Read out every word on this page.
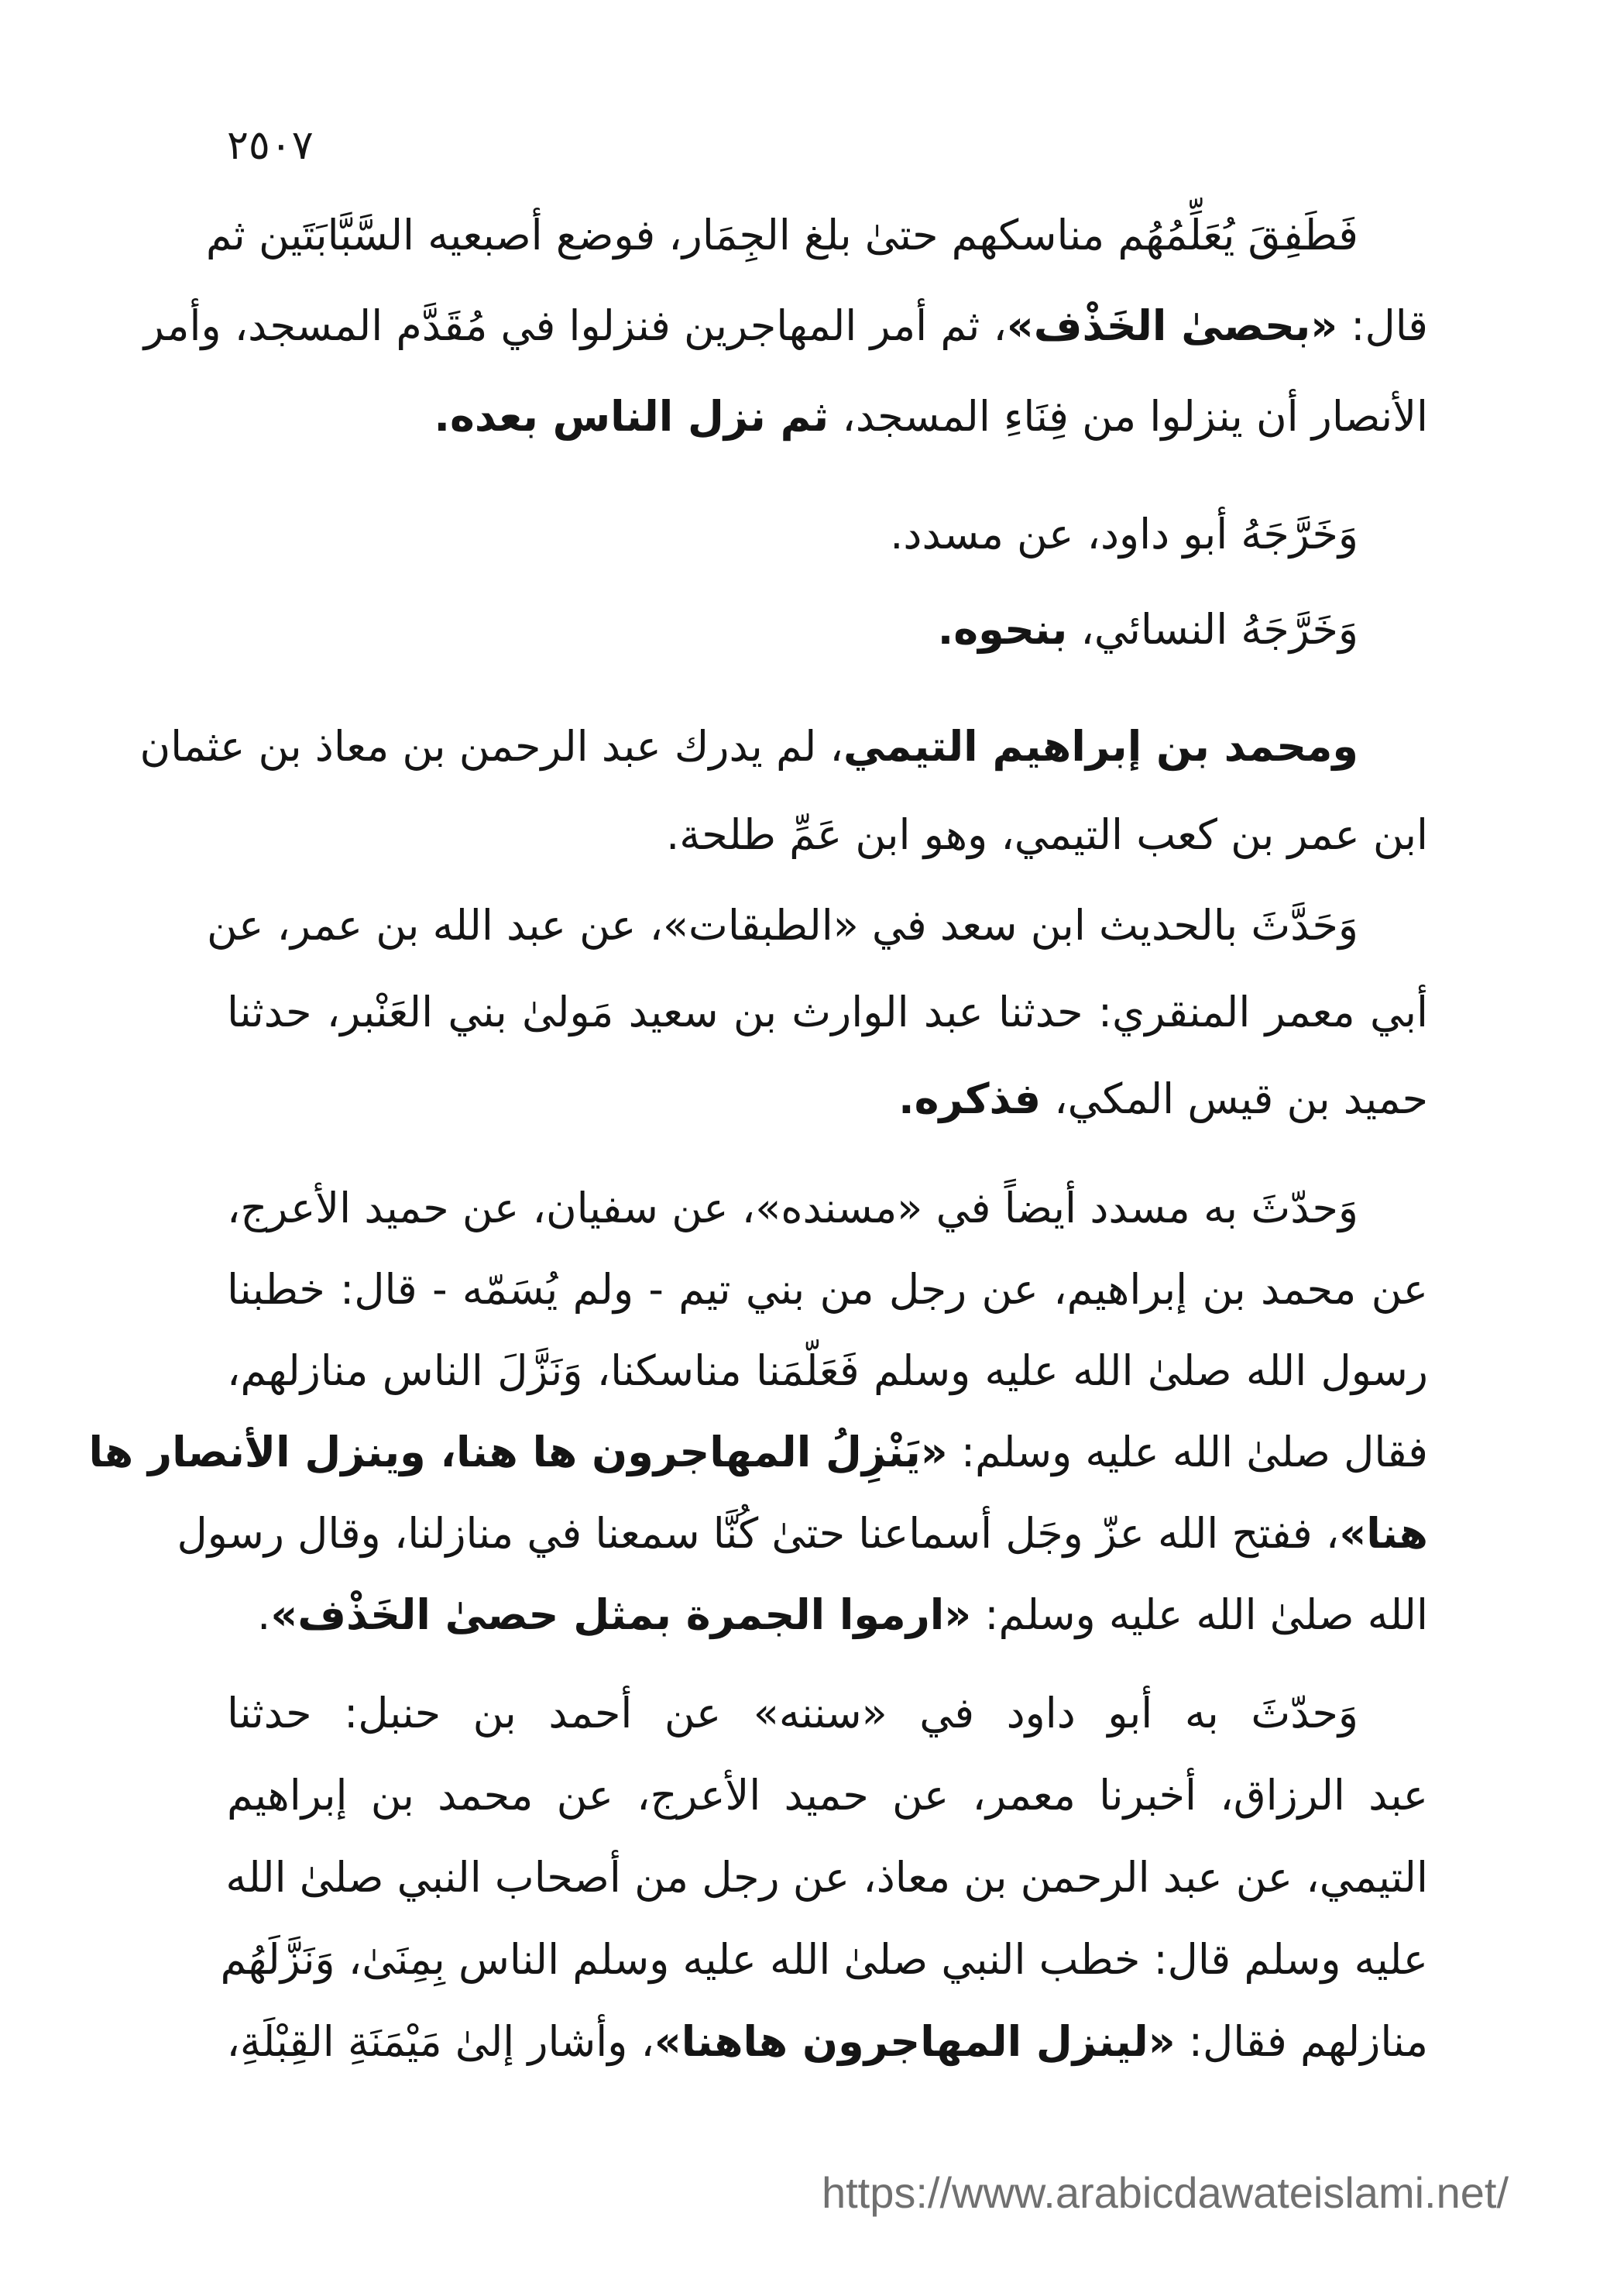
٢٥٠٧
فَطَفِقَ يُعَلِّمُهُم مناسكهم حتىٰ بلغ الجِمَار، فوضع أصبعيه السَّبَّابَتَين ثم
قال: «بحصىٰ الخَذْف»، ثم أمر المهاجرين فنزلوا في مُقَدَّم المسجد، وأمر
الأنصار أن ينزلوا من فِنَاءِ المسجد، ثم نزل الناس بعده.
وَخَرَّجَهُ أبو داود، عن مسدد.
وَخَرَّجَهُ النسائي، بنحوه.
ومحمد بن إبراهيم التيمي، لم يدرك عبد الرحمن بن معاذ بن عثمان
ابن عمر بن كعب التيمي، وهو ابن عَمِّ طلحة.
وَحَدَّثَ بالحديث ابن سعد في «الطبقات»، عن عبد الله بن عمر، عن
أبي معمر المنقري: حدثنا عبد الوارث بن سعيد مَولىٰ بني العَنْبر، حدثنا
حميد بن قيس المكي، فذكره.
وَحدّثَ به مسدد أيضاً في «مسنده»، عن سفيان، عن حميد الأعرج،
عن محمد بن إبراهيم، عن رجل من بني تيم - ولم يُسَمّه - قال: خطبنا
رسول الله صلىٰ الله عليه وسلم فَعَلّمَنا مناسكنا، وَنَزَّلَ الناس منازلهم،
فقال صلىٰ الله عليه وسلم: «يَنْزِلُ المهاجرون ها هنا، وينزل الأنصار ها
هنا»، ففتح الله عزّ وجَل أسماعنا حتىٰ كُنَّا سمعنا في منازلنا، وقال رسول
الله صلىٰ الله عليه وسلم: «ارموا الجمرة بمثل حصىٰ الخَذْف».
وَحدّثَ به أبو داود في «سننه» عن أحمد بن حنبل: حدثنا
عبد الرزاق، أخبرنا معمر، عن حميد الأعرج، عن محمد بن إبراهيم
التيمي، عن عبد الرحمن بن معاذ، عن رجل من أصحاب النبي صلىٰ الله
عليه وسلم قال: خطب النبي صلىٰ الله عليه وسلم الناس بِمِنَىٰ، وَنَزَّلَهُم
منازلهم فقال: «لينزل المهاجرون هاهنا»، وأشار إلىٰ مَيْمَنَةِ القِبْلَةِ،
https://www.arabicdawateislami.net/
